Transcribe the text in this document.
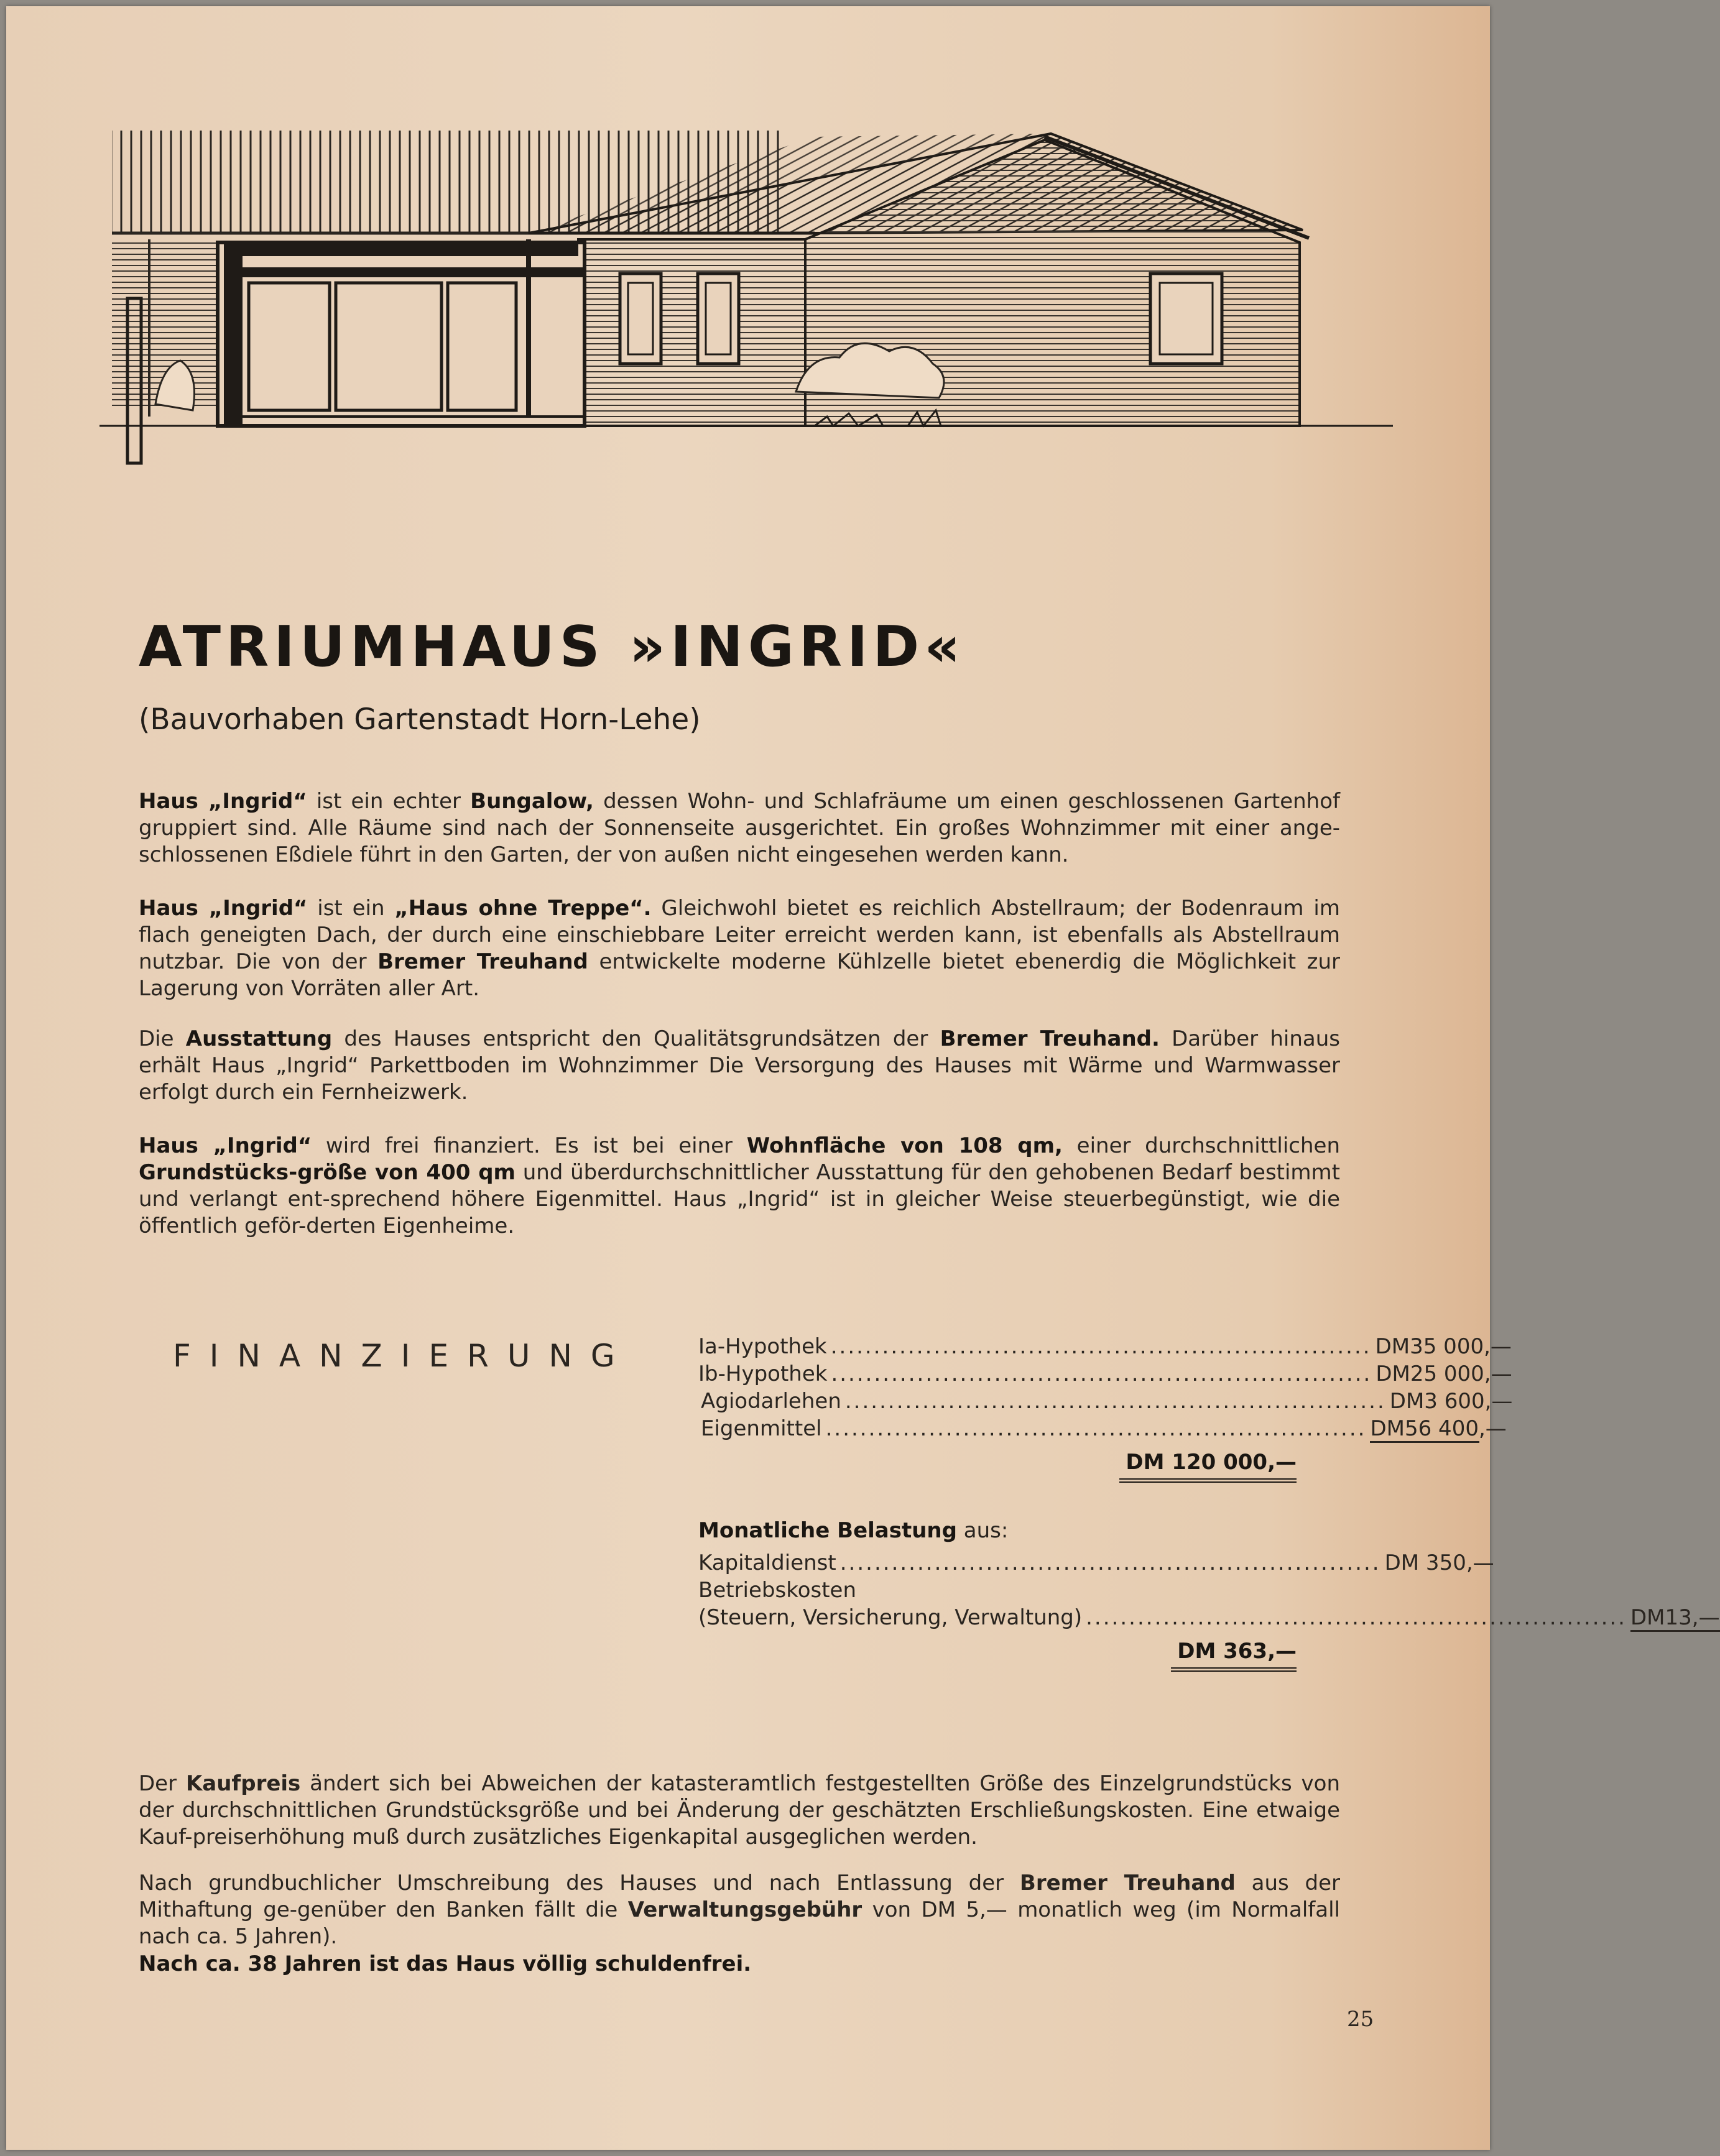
ATRIUMHAUS »INGRID«
(Bauvorhaben Gartenstadt Horn-Lehe)
Haus „Ingrid“ ist ein echter Bungalow, dessen Wohn- und Schlafräume um einen geschlossenen Gartenhof gruppiert sind. Alle Räume sind nach der Sonnenseite ausgerichtet. Ein großes Wohnzimmer mit einer ange-schlossenen Eßdiele führt in den Garten, der von außen nicht eingesehen werden kann.
Haus „Ingrid“ ist ein „Haus ohne Treppe“. Gleichwohl bietet es reichlich Abstellraum; der Bodenraum im flach geneigten Dach, der durch eine einschiebbare Leiter erreicht werden kann, ist ebenfalls als Abstellraum nutzbar. Die von der Bremer Treuhand entwickelte moderne Kühlzelle bietet ebenerdig die Möglichkeit zur Lagerung von Vorräten aller Art.
Die Ausstattung des Hauses entspricht den Qualitätsgrundsätzen der Bremer Treuhand. Darüber hinaus erhält Haus „Ingrid“ Parkettboden im Wohnzimmer Die Versorgung des Hauses mit Wärme und Warmwasser erfolgt durch ein Fernheizwerk.
Haus „Ingrid“ wird frei finanziert. Es ist bei einer Wohnfläche von 108 qm, einer durchschnittlichen Grundstücks-größe von 400 qm und überdurchschnittlicher Ausstattung für den gehobenen Bedarf bestimmt und verlangt ent-sprechend höhere Eigenmittel. Haus „Ingrid“ ist in gleicher Weise steuerbegünstigt, wie die öffentlich geför-derten Eigenheime.
FINANZIERUNG	Ia-Hypothek ............................................................... DM 35 000,—
Ib-Hypothek ............................................................... DM 25 000,—
Agiodarlehen ............................................................... DM 3 600,—
Eigenmittel ............................................................... DM 56 400,—
DM 120 000,—
Monatliche Belastung aus:
Kapitaldienst ............................................................... DM 350,—
Betriebskosten
(Steuern, Versicherung, Verwaltung) ............................................................... DM 13,—
DM 363,—
Der Kaufpreis ändert sich bei Abweichen der katasteramtlich festgestellten Größe des Einzelgrundstücks von der durchschnittlichen Grundstücksgröße und bei Änderung der geschätzten Erschließungskosten. Eine etwaige Kauf-preiserhöhung muß durch zusätzliches Eigenkapital ausgeglichen werden.
Nach grundbuchlicher Umschreibung des Hauses und nach Entlassung der Bremer Treuhand aus der Mithaftung ge-genüber den Banken fällt die Verwaltungsgebühr von DM 5,— monatlich weg (im Normalfall nach ca. 5 Jahren).
Nach ca. 38 Jahren ist das Haus völlig schuldenfrei.
25
